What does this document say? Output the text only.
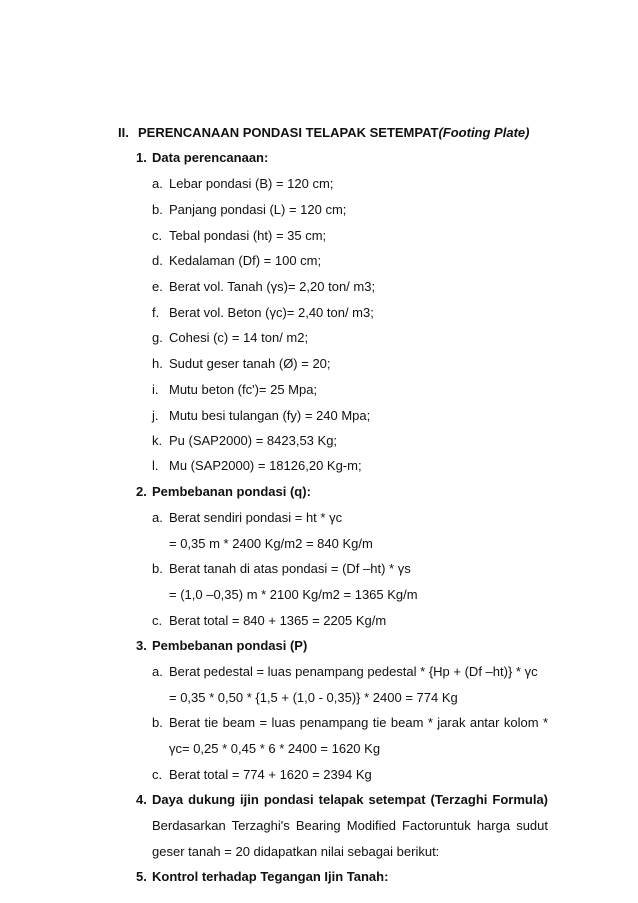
II. PERENCANAAN PONDASI TELAPAK SETEMPAT(Footing Plate)
1. Data perencanaan:
a. Lebar pondasi (B) = 120 cm;
b. Panjang pondasi (L) = 120 cm;
c. Tebal pondasi (ht) = 35 cm;
d. Kedalaman (Df) = 100 cm;
e. Berat vol. Tanah (γs)= 2,20 ton/ m3;
f. Berat vol. Beton (γc)= 2,40 ton/ m3;
g. Cohesi (c) = 14 ton/ m2;
h. Sudut geser tanah (Ø) = 20;
i. Mutu beton (fc')= 25 Mpa;
j. Mutu besi tulangan (fy) = 240 Mpa;
k. Pu (SAP2000) = 8423,53 Kg;
l. Mu (SAP2000) = 18126,20 Kg-m;
2. Pembebanan pondasi (q):
a. Berat sendiri pondasi = ht * γc
= 0,35 m * 2400 Kg/m2 = 840 Kg/m
b. Berat tanah di atas pondasi = (Df –ht) * γs
= (1,0 –0,35) m * 2100 Kg/m2 = 1365 Kg/m
c. Berat total = 840 + 1365 = 2205 Kg/m
3. Pembebanan pondasi (P)
a. Berat pedestal = luas penampang pedestal * {Hp + (Df –ht)} * γc
= 0,35 * 0,50 * {1,5 + (1,0 - 0,35)} * 2400 = 774 Kg
b. Berat tie beam = luas penampang tie beam * jarak antar kolom *
γc= 0,25 * 0,45 * 6 * 2400 = 1620 Kg
c. Berat total = 774 + 1620 = 2394 Kg
4. Daya dukung ijin pondasi telapak setempat (Terzaghi Formula)
Berdasarkan Terzaghi's Bearing Modified Factoruntuk harga sudut
geser tanah = 20 didapatkan nilai sebagai berikut:
5. Kontrol terhadap Tegangan Ijin Tanah:
